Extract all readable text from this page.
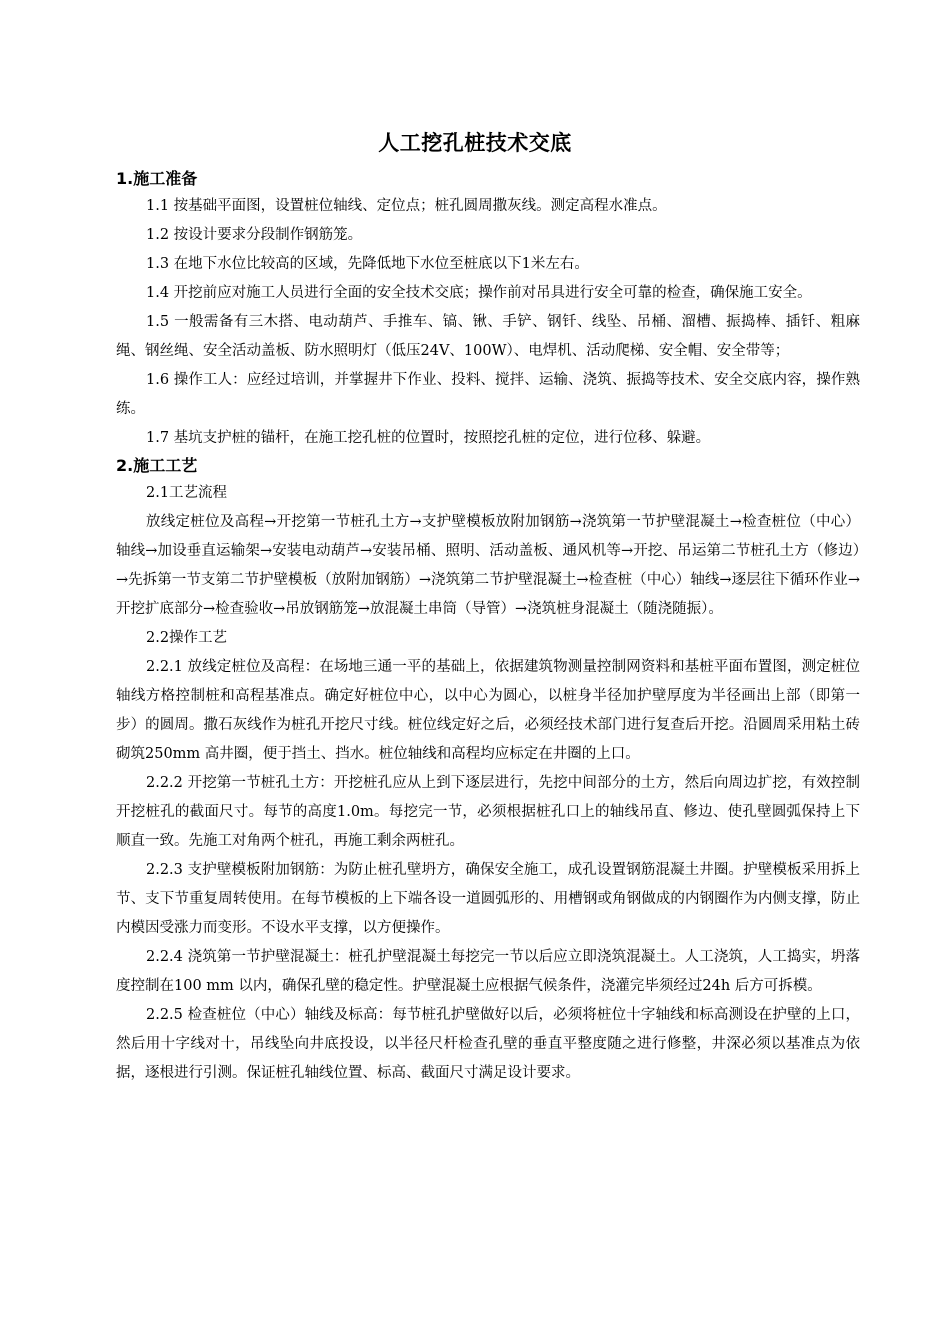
人工挖孔桩技术交底
1.施工准备

1.1 按基础平面图，设置桩位轴线、定位点；桩孔圆周撒灰线。测定高程水准点。

1.2 按设计要求分段制作钢筋笼。

1.3 在地下水位比较高的区域，先降低地下水位至桩底以下1米左右。

1.4 开挖前应对施工人员进行全面的安全技术交底；操作前对吊具进行安全可靠的检查，确保施工安全。

1.5 一般需备有三木搭、电动葫芦、手推车、镐、锹、手铲、钢钎、线坠、吊桶、溜槽、振捣棒、插钎、粗麻绳、钢丝绳、安全活动盖板、防水照明灯（低压24V、100W）、电焊机、活动爬梯、安全帽、安全带等；

1.6 操作工人：应经过培训，并掌握井下作业、投料、搅拌、运输、浇筑、振捣等技术、安全交底内容，操作熟练。

1.7 基坑支护桩的锚杆，在施工挖孔桩的位置时，按照挖孔桩的定位，进行位移、躲避。

2.施工工艺

2.1工艺流程

放线定桩位及高程→开挖第一节桩孔土方→支护壁模板放附加钢筋→浇筑第一节护壁混凝土→检查桩位（中心）轴线→加设垂直运输架→安装电动葫芦→安装吊桶、照明、活动盖板、通风机等→开挖、吊运第二节桩孔土方（修边）→先拆第一节支第二节护壁模板（放附加钢筋）→浇筑第二节护壁混凝土→检查桩（中心）轴线→逐层往下循环作业→开挖扩底部分→检查验收→吊放钢筋笼→放混凝土串筒（导管）→浇筑桩身混凝土（随浇随振）。

2.2操作工艺

2.2.1 放线定桩位及高程：在场地三通一平的基础上，依据建筑物测量控制网资料和基桩平面布置图，测定桩位轴线方格控制桩和高程基准点。确定好桩位中心，以中心为圆心，以桩身半径加护壁厚度为半径画出上部（即第一步）的圆周。撒石灰线作为桩孔开挖尺寸线。桩位线定好之后，必须经技术部门进行复查后开挖。沿圆周采用粘土砖砌筑250mm 高井圈，便于挡土、挡水。桩位轴线和高程均应标定在井圈的上口。

2.2.2 开挖第一节桩孔土方：开挖桩孔应从上到下逐层进行，先挖中间部分的土方，然后向周边扩挖，有效控制开挖桩孔的截面尺寸。每节的高度1.0m。每挖完一节，必须根据桩孔口上的轴线吊直、修边、使孔壁圆弧保持上下顺直一致。先施工对角两个桩孔，再施工剩余两桩孔。

2.2.3 支护壁模板附加钢筋：为防止桩孔壁坍方，确保安全施工，成孔设置钢筋混凝土井圈。护壁模板采用拆上节、支下节重复周转使用。在每节模板的上下端各设一道圆弧形的、用槽钢或角钢做成的内钢圈作为内侧支撑，防止内模因受涨力而变形。不设水平支撑，以方便操作。

2.2.4 浇筑第一节护壁混凝土：桩孔护壁混凝土每挖完一节以后应立即浇筑混凝土。人工浇筑，人工捣实，坍落度控制在100 mm 以内，确保孔壁的稳定性。护壁混凝土应根据气候条件，浇灌完毕须经过24h 后方可拆模。

2.2.5 检查桩位（中心）轴线及标高：每节桩孔护壁做好以后，必须将桩位十字轴线和标高测设在护壁的上口，然后用十字线对十，吊线坠向井底投设，以半径尺杆检查孔壁的垂直平整度随之进行修整，井深必须以基准点为依据，逐根进行引测。保证桩孔轴线位置、标高、截面尺寸满足设计要求。
